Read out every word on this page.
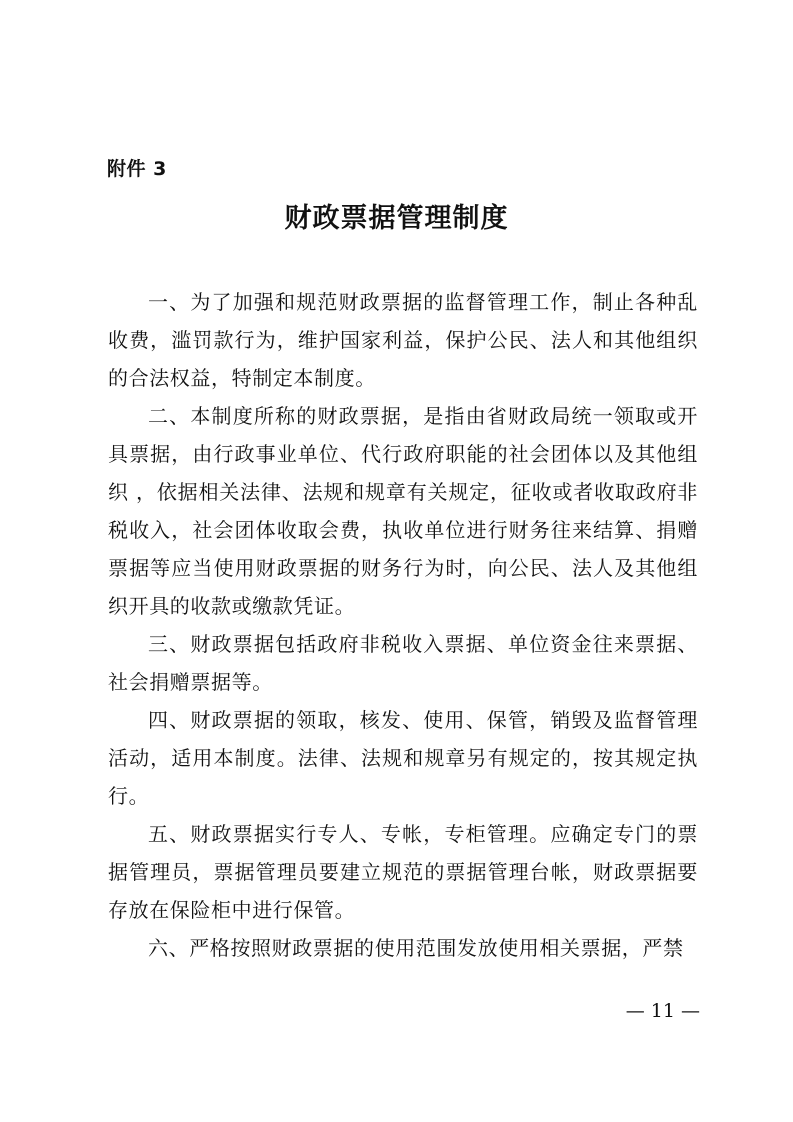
附件 3
财政票据管理制度

一、为了加强和规范财政票据的监督管理工作，制止各种乱收费，滥罚款行为，维护国家利益，保护公民、法人和其他组织的合法权益，特制定本制度。

二、本制度所称的财政票据，是指由省财政局统一领取或开具票据，由行政事业单位、代行政府职能的社会团体以及其他组织 ，依据相关法律、法规和规章有关规定，征收或者收取政府非税收入，社会团体收取会费，执收单位进行财务往来结算、捐赠票据等应当使用财政票据的财务行为时，向公民、法人及其他组织开具的收款或缴款凭证。

三、财政票据包括政府非税收入票据、单位资金往来票据、社会捐赠票据等。

四、财政票据的领取，核发、使用、保管，销毁及监督管理活动，适用本制度。法律、法规和规章另有规定的，按其规定执行。

五、财政票据实行专人、专帐，专柜管理。应确定专门的票据管理员，票据管理员要建立规范的票据管理台帐，财政票据要存放在保险柜中进行保管。

六、严格按照财政票据的使用范围发放使用相关票据，严禁

— 11 —
